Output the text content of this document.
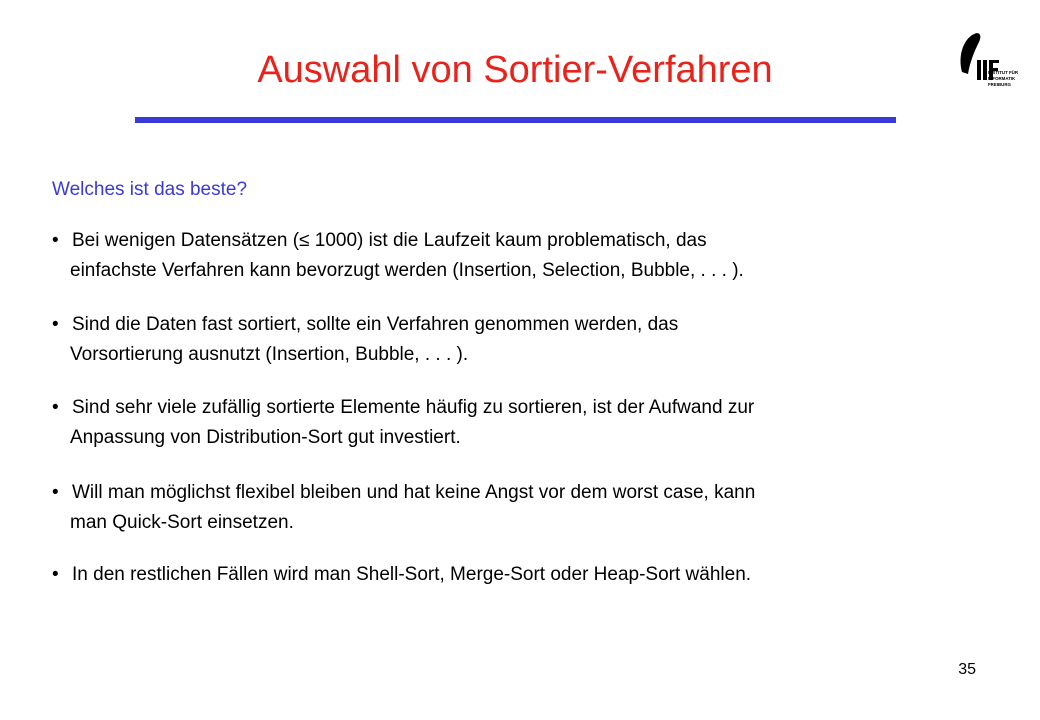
Auswahl von Sortier-Verfahren	INSTITUT FÜR
INFORMATIK
FREIBURG

Welches ist das beste?

• Bei wenigen Datensätzen (≤ 1000) ist die Laufzeit kaum problematisch, das
einfachste Verfahren kann bevorzugt werden (Insertion, Selection, Bubble, . . . ).
• Sind die Daten fast sortiert, sollte ein Verfahren genommen werden, das
Vorsortierung ausnutzt (Insertion, Bubble, . . . ).
• Sind sehr viele zufällig sortierte Elemente häufig zu sortieren, ist der Aufwand zur
Anpassung von Distribution-Sort gut investiert.
• Will man möglichst flexibel bleiben und hat keine Angst vor dem worst case, kann
man Quick-Sort einsetzen.
• In den restlichen Fällen wird man Shell-Sort, Merge-Sort oder Heap-Sort wählen.
35
